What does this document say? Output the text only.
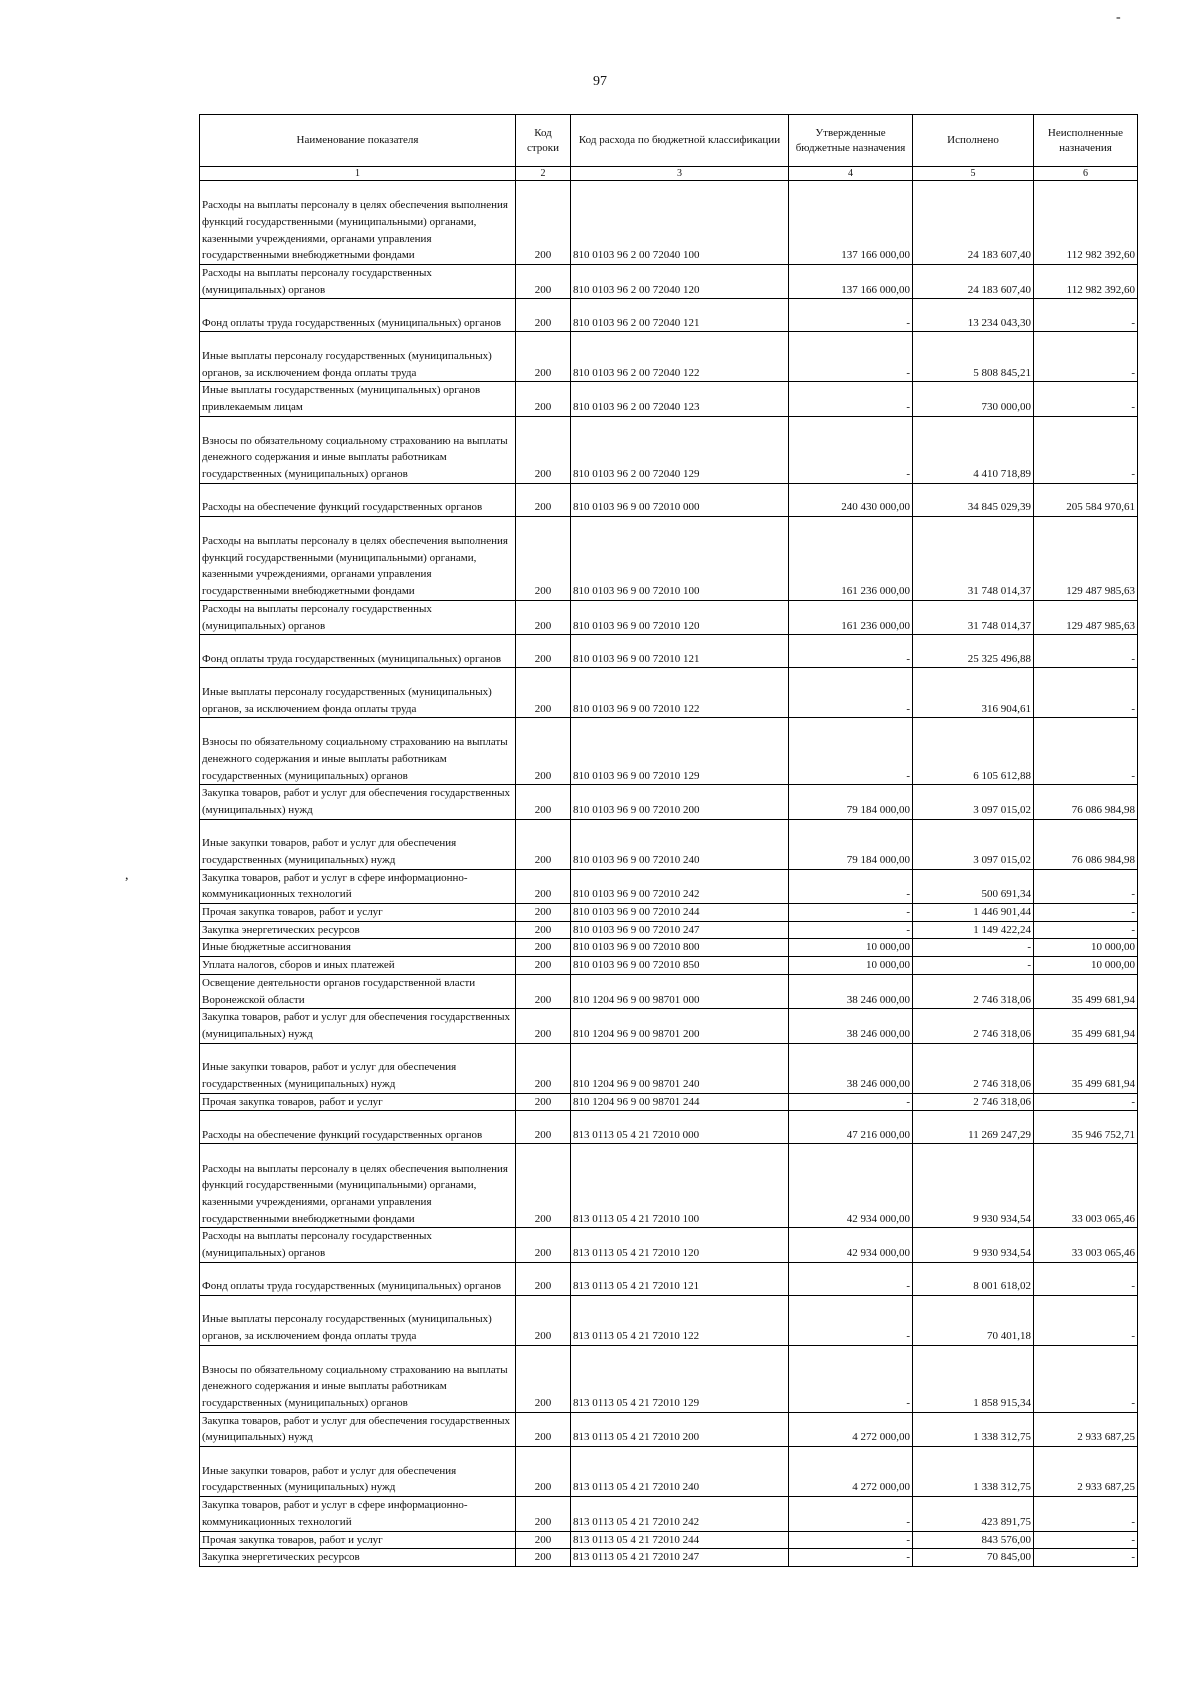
-
97
,
Наименование показателя	Код строки	Код расхода по бюджетной классификации	Утвержденные бюджетные назначения	Исполнено	Неисполненные назначения
1	2	3	4	5	6
Расходы на выплаты персоналу в целях обеспечения выполнения функций государственными (муниципальными) органами, казенными учреждениями, органами управления государственными внебюджетными фондами	200	810 0103 96 2 00 72040 100	137 166 000,00	24 183 607,40	112 982 392,60
Расходы на выплаты персоналу государственных (муниципальных) органов	200	810 0103 96 2 00 72040 120	137 166 000,00	24 183 607,40	112 982 392,60
Фонд оплаты труда государственных (муниципальных) органов	200	810 0103 96 2 00 72040 121	-	13 234 043,30	-
Иные выплаты персоналу государственных (муниципальных) органов, за исключением фонда оплаты труда	200	810 0103 96 2 00 72040 122	-	5 808 845,21	-
Иные выплаты государственных (муниципальных) органов привлекаемым лицам	200	810 0103 96 2 00 72040 123	-	730 000,00	-
Взносы по обязательному социальному страхованию на выплаты денежного содержания и иные выплаты работникам государственных (муниципальных) органов	200	810 0103 96 2 00 72040 129	-	4 410 718,89	-
Расходы на обеспечение функций государственных органов	200	810 0103 96 9 00 72010 000	240 430 000,00	34 845 029,39	205 584 970,61
Расходы на выплаты персоналу в целях обеспечения выполнения функций государственными (муниципальными) органами, казенными учреждениями, органами управления государственными внебюджетными фондами	200	810 0103 96 9 00 72010 100	161 236 000,00	31 748 014,37	129 487 985,63
Расходы на выплаты персоналу государственных (муниципальных) органов	200	810 0103 96 9 00 72010 120	161 236 000,00	31 748 014,37	129 487 985,63
Фонд оплаты труда государственных (муниципальных) органов	200	810 0103 96 9 00 72010 121	-	25 325 496,88	-
Иные выплаты персоналу государственных (муниципальных) органов, за исключением фонда оплаты труда	200	810 0103 96 9 00 72010 122	-	316 904,61	-
Взносы по обязательному социальному страхованию на выплаты денежного содержания и иные выплаты работникам государственных (муниципальных) органов	200	810 0103 96 9 00 72010 129	-	6 105 612,88	-
Закупка товаров, работ и услуг для обеспечения государственных (муниципальных) нужд	200	810 0103 96 9 00 72010 200	79 184 000,00	3 097 015,02	76 086 984,98
Иные закупки товаров, работ и услуг для обеспечения государственных (муниципальных) нужд	200	810 0103 96 9 00 72010 240	79 184 000,00	3 097 015,02	76 086 984,98
Закупка товаров, работ и услуг в сфере информационно-коммуникационных технологий	200	810 0103 96 9 00 72010 242	-	500 691,34	-
Прочая закупка товаров, работ и услуг	200	810 0103 96 9 00 72010 244	-	1 446 901,44	-
Закупка энергетических ресурсов	200	810 0103 96 9 00 72010 247	-	1 149 422,24	-
Иные бюджетные ассигнования	200	810 0103 96 9 00 72010 800	10 000,00	-	10 000,00
Уплата налогов, сборов и иных платежей	200	810 0103 96 9 00 72010 850	10 000,00	-	10 000,00
Освещение деятельности органов государственной власти Воронежской области	200	810 1204 96 9 00 98701 000	38 246 000,00	2 746 318,06	35 499 681,94
Закупка товаров, работ и услуг для обеспечения государственных (муниципальных) нужд	200	810 1204 96 9 00 98701 200	38 246 000,00	2 746 318,06	35 499 681,94
Иные закупки товаров, работ и услуг для обеспечения государственных (муниципальных) нужд	200	810 1204 96 9 00 98701 240	38 246 000,00	2 746 318,06	35 499 681,94
Прочая закупка товаров, работ и услуг	200	810 1204 96 9 00 98701 244	-	2 746 318,06	-
Расходы на обеспечение функций государственных органов	200	813 0113 05 4 21 72010 000	47 216 000,00	11 269 247,29	35 946 752,71
Расходы на выплаты персоналу в целях обеспечения выполнения функций государственными (муниципальными) органами, казенными учреждениями, органами управления государственными внебюджетными фондами	200	813 0113 05 4 21 72010 100	42 934 000,00	9 930 934,54	33 003 065,46
Расходы на выплаты персоналу государственных (муниципальных) органов	200	813 0113 05 4 21 72010 120	42 934 000,00	9 930 934,54	33 003 065,46
Фонд оплаты труда государственных (муниципальных) органов	200	813 0113 05 4 21 72010 121	-	8 001 618,02	-
Иные выплаты персоналу государственных (муниципальных) органов, за исключением фонда оплаты труда	200	813 0113 05 4 21 72010 122	-	70 401,18	-
Взносы по обязательному социальному страхованию на выплаты денежного содержания и иные выплаты работникам государственных (муниципальных) органов	200	813 0113 05 4 21 72010 129	-	1 858 915,34	-
Закупка товаров, работ и услуг для обеспечения государственных (муниципальных) нужд	200	813 0113 05 4 21 72010 200	4 272 000,00	1 338 312,75	2 933 687,25
Иные закупки товаров, работ и услуг для обеспечения государственных (муниципальных) нужд	200	813 0113 05 4 21 72010 240	4 272 000,00	1 338 312,75	2 933 687,25
Закупка товаров, работ и услуг в сфере информационно-коммуникационных технологий	200	813 0113 05 4 21 72010 242	-	423 891,75	-
Прочая закупка товаров, работ и услуг	200	813 0113 05 4 21 72010 244	-	843 576,00	-
Закупка энергетических ресурсов	200	813 0113 05 4 21 72010 247	-	70 845,00	-
